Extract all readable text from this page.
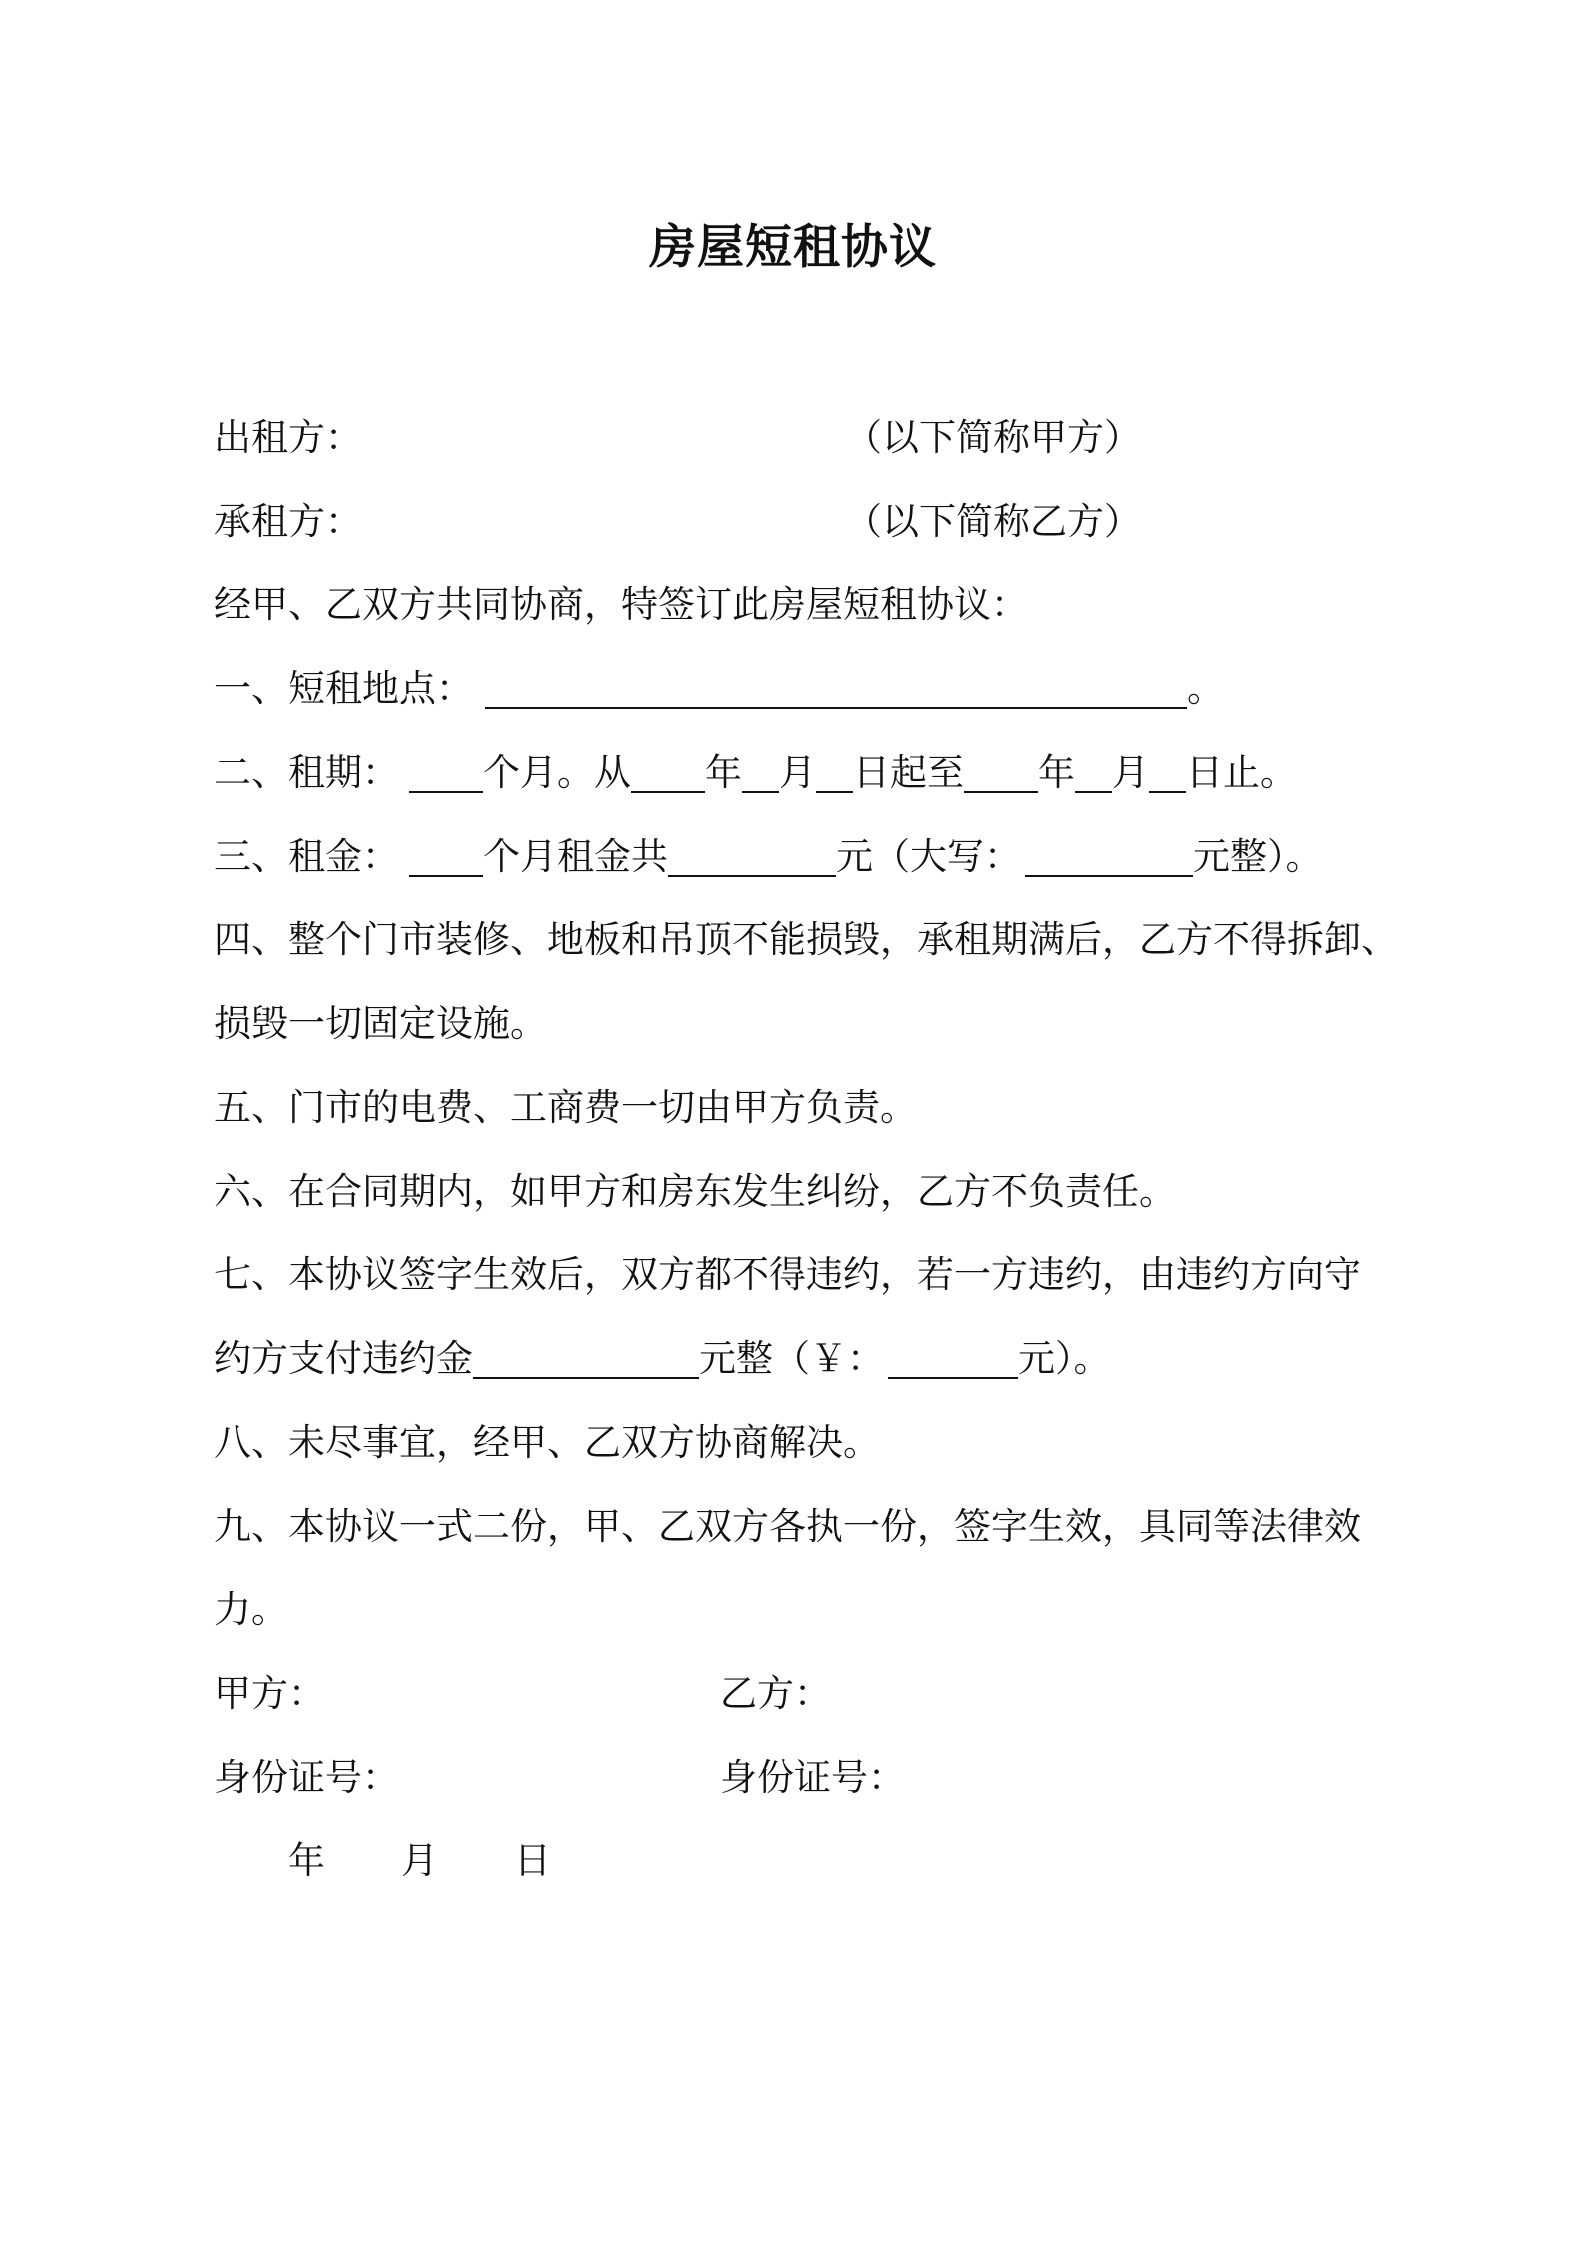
房屋短租协议
出租方：	（以下简称甲方）
承租方：	（以下简称乙方）
经甲、乙双方共同协商，特签订此房屋短租协议：
一、短租地点：	。
二、租期： 个月。从 年 月 日起至 年 月 日止。
三、租金： 个月租金共	元（大写：	元整）。
四、整个门市装修、地板和吊顶不能损毁，承租期满后，乙方不得拆卸、
损毁一切固定设施。
五、门市的电费、工商费一切由甲方负责。
六、在合同期内，如甲方和房东发生纠纷，乙方不负责任。
七、本协议签字生效后，双方都不得违约，若一方违约，由违约方向守
约方支付违约金	元整（￥：	元）。
八、未尽事宜，经甲、乙双方协商解决。
九、本协议一式二份，甲、乙双方各执一份，签字生效，具同等法律效
力。
甲方：	乙方：
身份证号：	身份证号：
年 月 日
